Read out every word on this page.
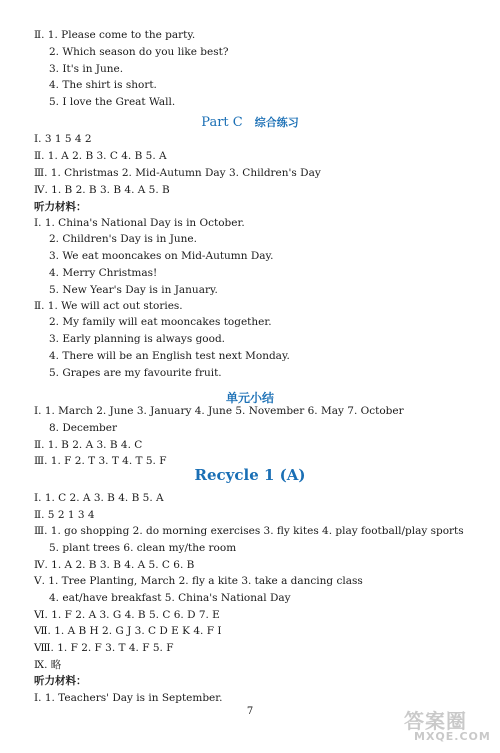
Ⅱ. 1. Please come to the party.
2. Which season do you like best?
3. It's in June.
4. The shirt is short.
5. I love the Great Wall.
Part C 综合练习
Ⅰ. 3 1 5 4 2
Ⅱ. 1. A 2. B 3. C 4. B 5. A
Ⅲ. 1. Christmas 2. Mid-Autumn Day 3. Children's Day
Ⅳ. 1. B 2. B 3. B 4. A 5. B
听力材料：
Ⅰ. 1. China's National Day is in October.
2. Children's Day is in June.
3. We eat mooncakes on Mid-Autumn Day.
4. Merry Christmas!
5. New Year's Day is in January.
Ⅱ. 1. We will act out stories.
2. My family will eat mooncakes together.
3. Early planning is always good.
4. There will be an English test next Monday.
5. Grapes are my favourite fruit.
单元小结
Ⅰ. 1. March 2. June 3. January 4. June 5. November 6. May 7. October
8. December
Ⅱ. 1. B 2. A 3. B 4. C
Ⅲ. 1. F 2. T 3. T 4. T 5. F
Recycle 1 (A)
Ⅰ. 1. C 2. A 3. B 4. B 5. A
Ⅱ. 5 2 1 3 4
Ⅲ. 1. go shopping 2. do morning exercises 3. fly kites 4. play football/play sports
5. plant trees 6. clean my/the room
Ⅳ. 1. A 2. B 3. B 4. A 5. C 6. B
Ⅴ. 1. Tree Planting, March 2. fly a kite 3. take a dancing class
4. eat/have breakfast 5. China's National Day
Ⅵ. 1. F 2. A 3. G 4. B 5. C 6. D 7. E
Ⅶ. 1. A B H 2. G J 3. C D E K 4. F I
Ⅷ. 1. F 2. F 3. T 4. F 5. F
Ⅸ. 略
听力材料：
Ⅰ. 1. Teachers' Day is in September.
7	答案圈
MXQE.COM
